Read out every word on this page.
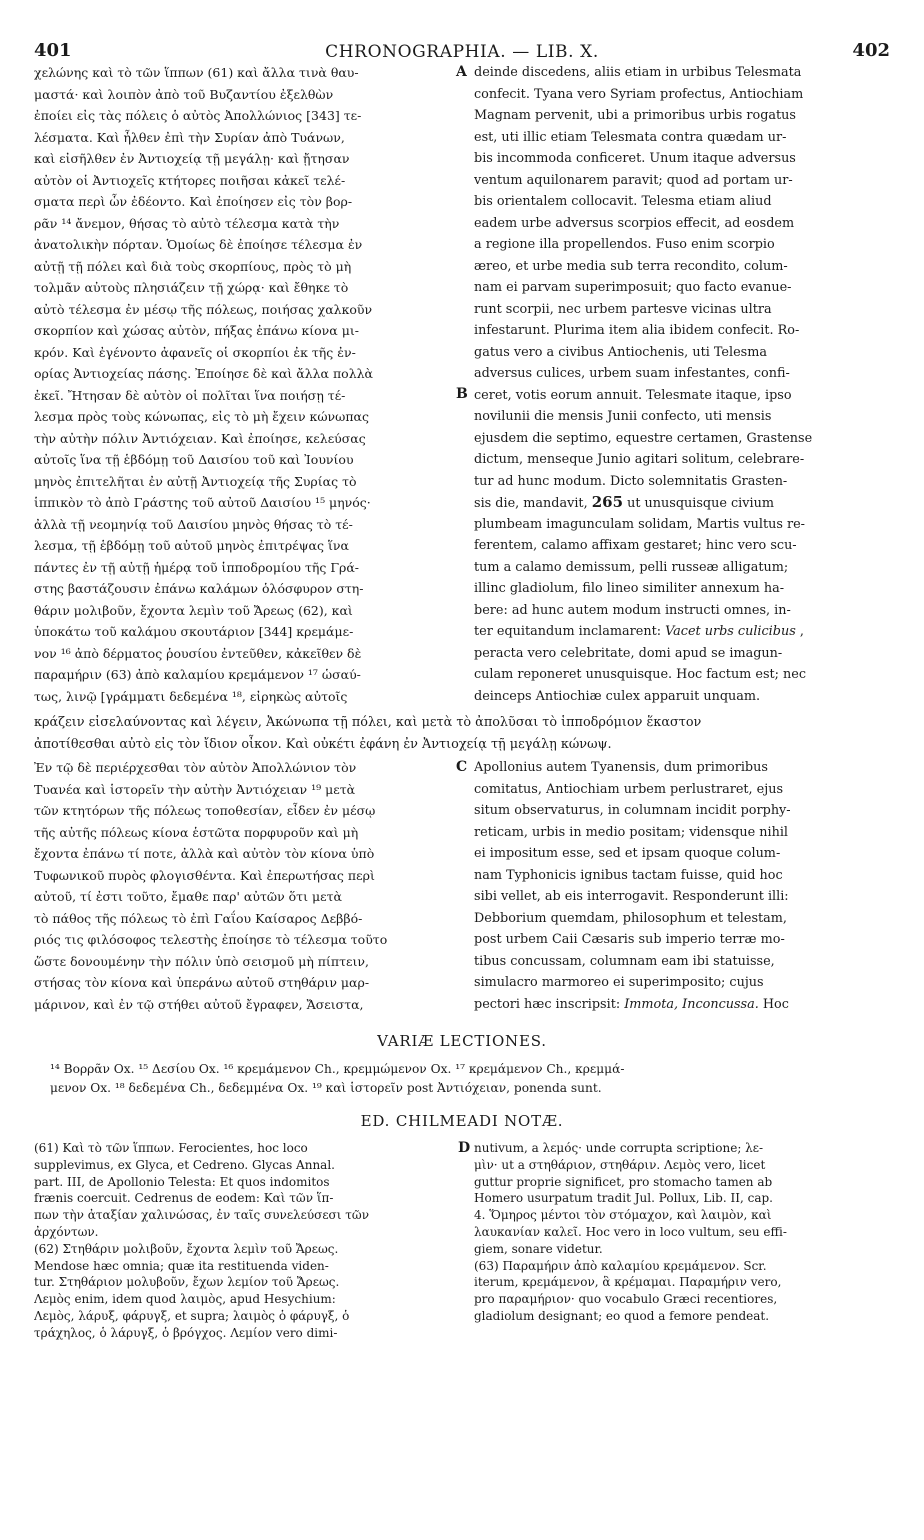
401	CHRONOGRAPHIA. — LIB. X.	402
χελώνης καὶ τὸ τῶν ἵππων (61) καὶ ἄλλα τινὰ θαυ-
μαστά· καὶ λοιπὸν ἀπὸ τοῦ Βυζαντίου ἐξελθὼν
ἐποίει εἰς τὰς πόλεις ὁ αὐτὸς Ἀπολλώνιος [343] τε-
λέσματα. Καὶ ἦλθεν ἐπὶ τὴν Συρίαν ἀπὸ Τυάνων,
καὶ εἰσῆλθεν ἐν Ἀντιοχείᾳ τῇ μεγάλῃ· καὶ ᾔτησαν
αὐτὸν οἱ Ἀντιοχεῖς κτήτορες ποιῆσαι κἀκεῖ τελέ-
σματα περὶ ὧν ἐδέοντο. Καὶ ἐποίησεν εἰς τὸν βορ-
ρᾶν ¹⁴ ἄνεμον, θήσας τὸ αὐτὸ τέλεσμα κατὰ τὴν
ἀνατολικὴν πόρταν. Ὁμοίως δὲ ἐποίησε τέλεσμα ἐν
αὐτῇ τῇ πόλει καὶ διὰ τοὺς σκορπίους, πρὸς τὸ μὴ
τολμᾶν αὐτοὺς πλησιάζειν τῇ χώρᾳ· καὶ ἔθηκε τὸ
αὐτὸ τέλεσμα ἐν μέσῳ τῆς πόλεως, ποιήσας χαλκοῦν
σκορπίον καὶ χώσας αὐτὸν, πήξας ἐπάνω κίονα μι-
κρόν. Καὶ ἐγένοντο ἀφανεῖς οἱ σκορπίοι ἐκ τῆς ἐν-
ορίας Ἀντιοχείας πάσης. Ἐποίησε δὲ καὶ ἄλλα πολλὰ
ἐκεῖ. Ἤτησαν δὲ αὐτὸν οἱ πολῖται ἵνα ποιήσῃ τέ-
λεσμα πρὸς τοὺς κώνωπας, εἰς τὸ μὴ ἔχειν κώνωπας
τὴν αὐτὴν πόλιν Ἀντιόχειαν. Καὶ ἐποίησε, κελεύσας
αὐτοῖς ἵνα τῇ ἑβδόμῃ τοῦ Δαισίου τοῦ καὶ Ἰουνίου
μηνὸς ἐπιτελῆται ἐν αὐτῇ Ἀντιοχείᾳ τῆς Συρίας τὸ
ἱππικὸν τὸ ἀπὸ Γράστης τοῦ αὐτοῦ Δαισίου ¹⁵ μηνός·
ἀλλὰ τῇ νεομηνίᾳ τοῦ Δαισίου μηνὸς θήσας τὸ τέ-
λεσμα, τῇ ἑβδόμῃ τοῦ αὐτοῦ μηνὸς ἐπιτρέψας ἵνα
πάντες ἐν τῇ αὐτῇ ἡμέρᾳ τοῦ ἱπποδρομίου τῆς Γρά-
στης βαστάζουσιν ἐπάνω καλάμων ὁλόσφυρον στη-
θάριν μολιβοῦν, ἔχοντα λεμὶν τοῦ Ἄρεως (62), καὶ
ὑποκάτω τοῦ καλάμου σκουτάριον [344] κρεμάμε-
νον ¹⁶ ἀπὸ δέρματος ῥουσίου ἐντεῦθεν, κἀκεῖθεν δὲ
παραμήριν (63) ἀπὸ καλαμίου κρεμάμενον ¹⁷ ὡσαύ-
τως, λινῷ [γράμματι δεδεμένα ¹⁸, εἰρηκὼς αὐτοῖς
A
B
deinde discedens, aliis etiam in urbibus Telesmata
confecit. Tyana vero Syriam profectus, Antiochiam
Magnam pervenit, ubi a primoribus urbis rogatus
est, uti illic etiam Telesmata contra quædam ur-
bis incommoda conficeret. Unum itaque adversus
ventum aquilonarem paravit; quod ad portam ur-
bis orientalem collocavit. Telesma etiam aliud
eadem urbe adversus scorpios effecit, ad eosdem
a regione illa propellendos. Fuso enim scorpio
æreo, et urbe media sub terra recondito, colum-
nam ei parvam superimposuit; quo facto evanue-
runt scorpii, nec urbem partesve vicinas ultra
infestarunt. Plurima item alia ibidem confecit. Ro-
gatus vero a civibus Antiochenis, uti Telesma
adversus culices, urbem suam infestantes, confi-
ceret, votis eorum annuit. Telesmate itaque, ipso
novilunii die mensis Junii confecto, uti mensis
ejusdem die septimo, equestre certamen, Grastense
dictum, menseque Junio agitari solitum, celebrare-
tur ad hunc modum. Dicto solemnitatis Grasten-
sis die, mandavit, 265 ut unusquisque civium
plumbeam imagunculam solidam, Martis vultus re-
ferentem, calamo affixam gestaret; hinc vero scu-
tum a calamo demissum, pelli russeæ alligatum;
illinc gladiolum, filo lineo similiter annexum ha-
bere: ad hunc autem modum instructi omnes, in-
ter equitandum inclamarent: Vacet urbs culicibus ,
peracta vero celebritate, domi apud se imagun-
culam reponeret unusquisque. Hoc factum est; nec
deinceps Antiochiæ culex apparuit unquam.
κράζειν εἰσελαύνοντας καὶ λέγειν, Ἀκώνωπα τῇ πόλει, καὶ μετὰ τὸ ἀπολῦσαι τὸ ἱπποδρόμιον ἕκαστον
ἀποτίθεσθαι αὐτὸ εἰς τὸν ἴδιον οἶκον. Καὶ οὐκέτι ἐφάνη ἐν Ἀντιοχείᾳ τῇ μεγάλῃ κώνωψ.
Ἐν τῷ δὲ περιέρχεσθαι τὸν αὐτὸν Ἀπολλώνιον τὸν
Τυανέα καὶ ἱστορεῖν τὴν αὐτὴν Ἀντιόχειαν ¹⁹ μετὰ
τῶν κτητόρων τῆς πόλεως τοποθεσίαν, εἶδεν ἐν μέσῳ
τῆς αὐτῆς πόλεως κίονα ἑστῶτα πορφυροῦν καὶ μὴ
ἔχοντα ἐπάνω τί ποτε, ἀλλὰ καὶ αὐτὸν τὸν κίονα ὑπὸ
Τυφωνικοῦ πυρὸς φλογισθέντα. Καὶ ἐπερωτήσας περὶ
αὐτοῦ, τί ἐστι τοῦτο, ἔμαθε παρ' αὐτῶν ὅτι μετὰ
τὸ πάθος τῆς πόλεως τὸ ἐπὶ Γαΐου Καίσαρος Δεββό-
ριός τις φιλόσοφος τελεστὴς ἐποίησε τὸ τέλεσμα τοῦτο
ὥστε δονουμένην τὴν πόλιν ὑπὸ σεισμοῦ μὴ πίπτειν,
στήσας τὸν κίονα καὶ ὑπεράνω αὐτοῦ στηθάριν μαρ-
μάρινον, καὶ ἐν τῷ στήθει αὐτοῦ ἔγραφεν, Ἄσειστα,
C Apollonius autem Tyanensis, dum primoribus
comitatus, Antiochiam urbem perlustraret, ejus
situm observaturus, in columnam incidit porphy-
reticam, urbis in medio positam; vidensque nihil
ei impositum esse, sed et ipsam quoque colum-
nam Typhonicis ignibus tactam fuisse, quid hoc
sibi vellet, ab eis interrogavit. Responderunt illi:
Debborium quemdam, philosophum et telestam,
post urbem Caii Cæsaris sub imperio terræ mo-
tibus concussam, columnam eam ibi statuisse,
simulacro marmoreo ei superimposito; cujus
pectori hæc inscripsit: Immota, Inconcussa. Hoc
VARIÆ LECTIONES.
¹⁴ Βορρᾶν Ox. ¹⁵ Δεσίου Ox. ¹⁶ κρεμάμενον Ch., κρεμμώμενον Ox. ¹⁷ κρεμάμενον Ch., κρεμμά-
μενον Ox. ¹⁸ δεδεμένα Ch., δεδεμμένα Ox. ¹⁹ καὶ ἱστορεῖν post Ἀντιόχειαν, ponenda sunt.
ED. CHILMEADI NOTÆ.
(61) Καὶ τὸ τῶν ἵππων. Ferocientes, hoc loco
supplevimus, ex Glyca, et Cedreno. Glycas Annal.
part. III, de Apollonio Telesta: Et quos indomitos
frænis coercuit. Cedrenus de eodem: Καὶ τῶν ἵπ-
πων τὴν ἀταξίαν χαλινώσας, ἐν ταῖς συνελεύσεσι τῶν
ἀρχόντων.
(62) Στηθάριν μολιβοῦν, ἔχοντα λεμὶν τοῦ Ἄρεως.
Mendose hæc omnia; quæ ita restituenda viden-
tur. Στηθάριον μολυβοῦν, ἔχων λεμίον τοῦ Ἄρεως.
Λεμὸς enim, idem quod λαιμὸς, apud Hesychium:
Λεμὸς, λάρυξ, φάρυγξ, et supra; λαιμὸς ὁ φάρυγξ, ὁ
τράχηλος, ὁ λάρυγξ, ὁ βρόγχος. Λεμίον vero dimi-
D nutivum, a λεμός· unde corrupta scriptione; λε-
μὶν· ut a στηθάριον, στηθάριν. Λεμὸς vero, licet
guttur proprie significet, pro stomacho tamen ab
Homero usurpatum tradit Jul. Pollux, Lib. II, cap.
4. Ὅμηρος μέντοι τὸν στόμαχον, καὶ λαιμὸν, καὶ
λαυκανίαν καλεῖ. Hoc vero in loco vultum, seu effi-
giem, sonare videtur.
(63) Παραμήριν ἀπὸ καλαμίου κρεμάμενον. Scr.
iterum, κρεμάμενον, ἃ κρέμαμαι. Παραμήριν vero,
pro παραμήριον· quo vocabulo Græci recentiores,
gladiolum designant; eo quod a femore pendeat.
